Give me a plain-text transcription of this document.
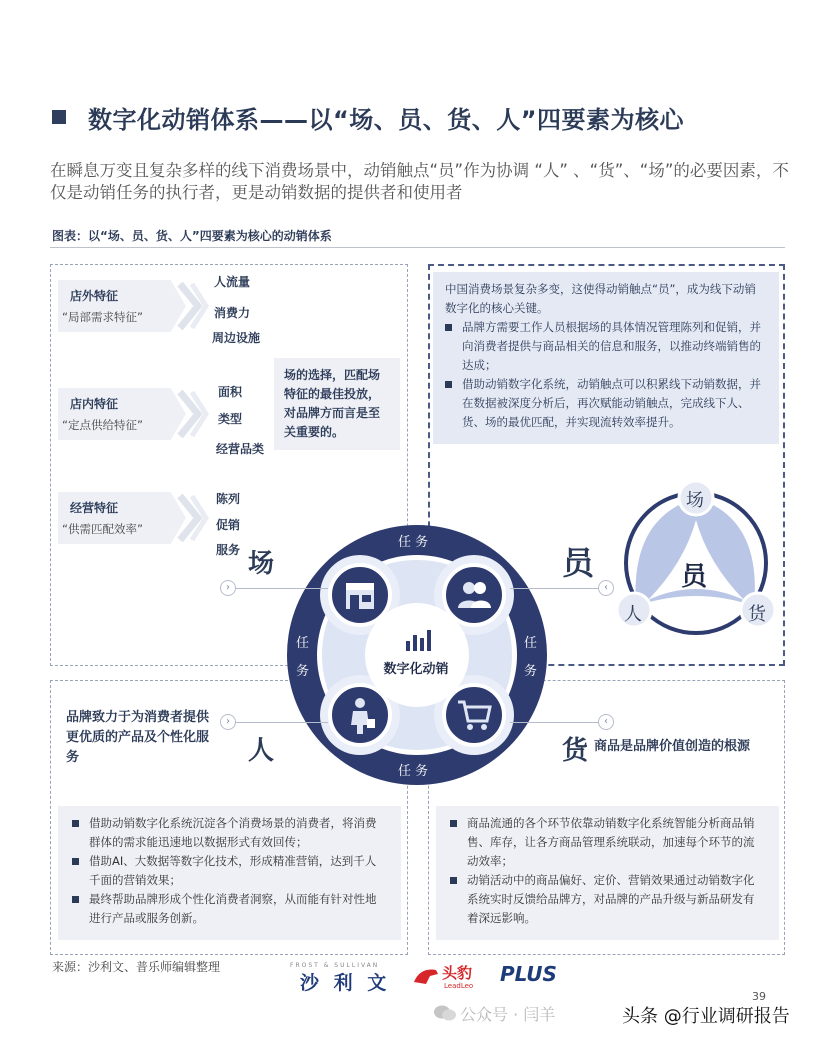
数字化动销体系——以“场、员、货、人”四要素为核心
在瞬息万变且复杂多样的线下消费场景中，动销触点“员”作为协调 “人” 、“货”、“场”的必要因素，不仅是动销任务的执行者，更是动销数据的提供者和使用者
图表：以“场、员、货、人”四要素为核心的动销体系
店外特征
“局部需求特征”
人流量
消费力
周边设施
店内特征
“定点供给特征”
面积
类型
经营品类
经营特征
“供需匹配效率”
陈列
促销
服务
场的选择，匹配场特征的最佳投放，对品牌方而言是至关重要的。
中国消费场景复杂多变，这使得动销触点“员”，成为线下动销数字化的核心关键。
品牌方需要工作人员根据场的具体情况管理陈列和促销，并向消费者提供与商品相关的信息和服务，以推动终端销售的达成；
借助动销数字化系统，动销触点可以积累线下动销数据，并在数据被深度分析后，再次赋能动销触点，完成线下人、货、场的最优匹配，并实现流转效率提升。
场
人	货
员
数字化动销
任 务
任 务
任务
任务
场	员
人	货
›	‹
›	‹
品牌致力于为消费者提供更优质的产品及个性化服务
商品是品牌价值创造的根源
借助动销数字化系统沉淀各个消费场景的消费者，将消费群体的需求能迅速地以数据形式有效回传；
借助AI、大数据等数字化技术，形成精准营销，达到千人千面的营销效果；
最终帮助品牌形成个性化消费者洞察，从而能有针对性地进行产品或服务创新。
商品流通的各个环节依靠动销数字化系统智能分析商品销售、库存，让各方商品管理系统联动，加速每个环节的流动效率；
动销活动中的商品偏好、定价、营销效果通过动销数字化系统实时反馈给品牌方，对品牌的产品升级与新品研发有着深远影响。
来源：沙利文、普乐师编辑整理	FROST & SULLIVAN
沙 利 文	头豹
LeadLeo PLUS
39
公众号 · 闫羊	头条 @行业调研报告
